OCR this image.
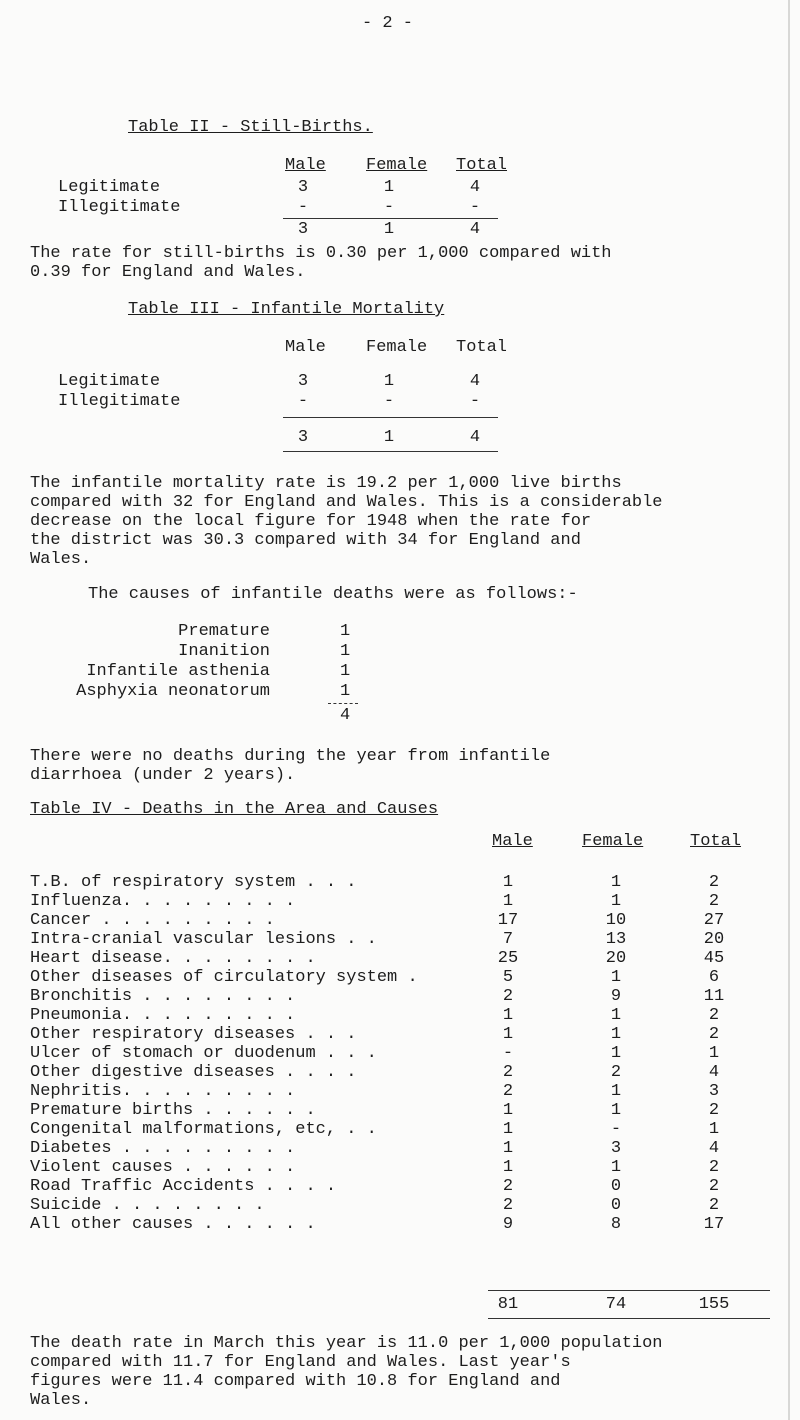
- 2 -
Table II - Still-Births.
Male Female Total
Legitimate	3	1	4
Illegitimate	-	-	-
3	1	4
The rate for still-births is 0.30 per 1,000 compared with
0.39 for England and Wales.
Table III - Infantile Mortality
Male Female Total
Legitimate	3	1	4
Illegitimate	-	-	-
3	1	4
The infantile mortality rate is 19.2 per 1,000 live births
compared with 32 for England and Wales. This is a considerable
decrease on the local figure for 1948 when the rate for
the district was 30.3 compared with 34 for England and
Wales.
The causes of infantile deaths were as follows:-
Premature	1
Inanition	1
Infantile asthenia	1
Asphyxia neonatorum	1
4
There were no deaths during the year from infantile
diarrhoea (under 2 years).
Table IV - Deaths in the Area and Causes
Male	Female	Total
T.B. of respiratory system . . .	1	1	2
Influenza. . . . . . . . .	1	1	2
Cancer . . . . . . . . .	17	10	27
Intra-cranial vascular lesions . .	7	13	20
Heart disease. . . . . . . .	25	20	45
Other diseases of circulatory system .	5	1	6
Bronchitis . . . . . . . .	2	9	11
Pneumonia. . . . . . . . .	1	1	2
Other respiratory diseases . . .	1	1	2
Ulcer of stomach or duodenum . . .	-	1	1
Other digestive diseases . . . .	2	2	4
Nephritis. . . . . . . . .	2	1	3
Premature births . . . . . .	1	1	2
Congenital malformations, etc, . .	1	-	1
Diabetes . . . . . . . . .	1	3	4
Violent causes . . . . . .	1	1	2
Road Traffic Accidents . . . .	2	0	2
Suicide . . . . . . . .	2	0	2
All other causes . . . . . .	9	8	17
81	74	155
The death rate in March this year is 11.0 per 1,000 population
compared with 11.7 for England and Wales. Last year's
figures were 11.4 compared with 10.8 for England and
Wales.
